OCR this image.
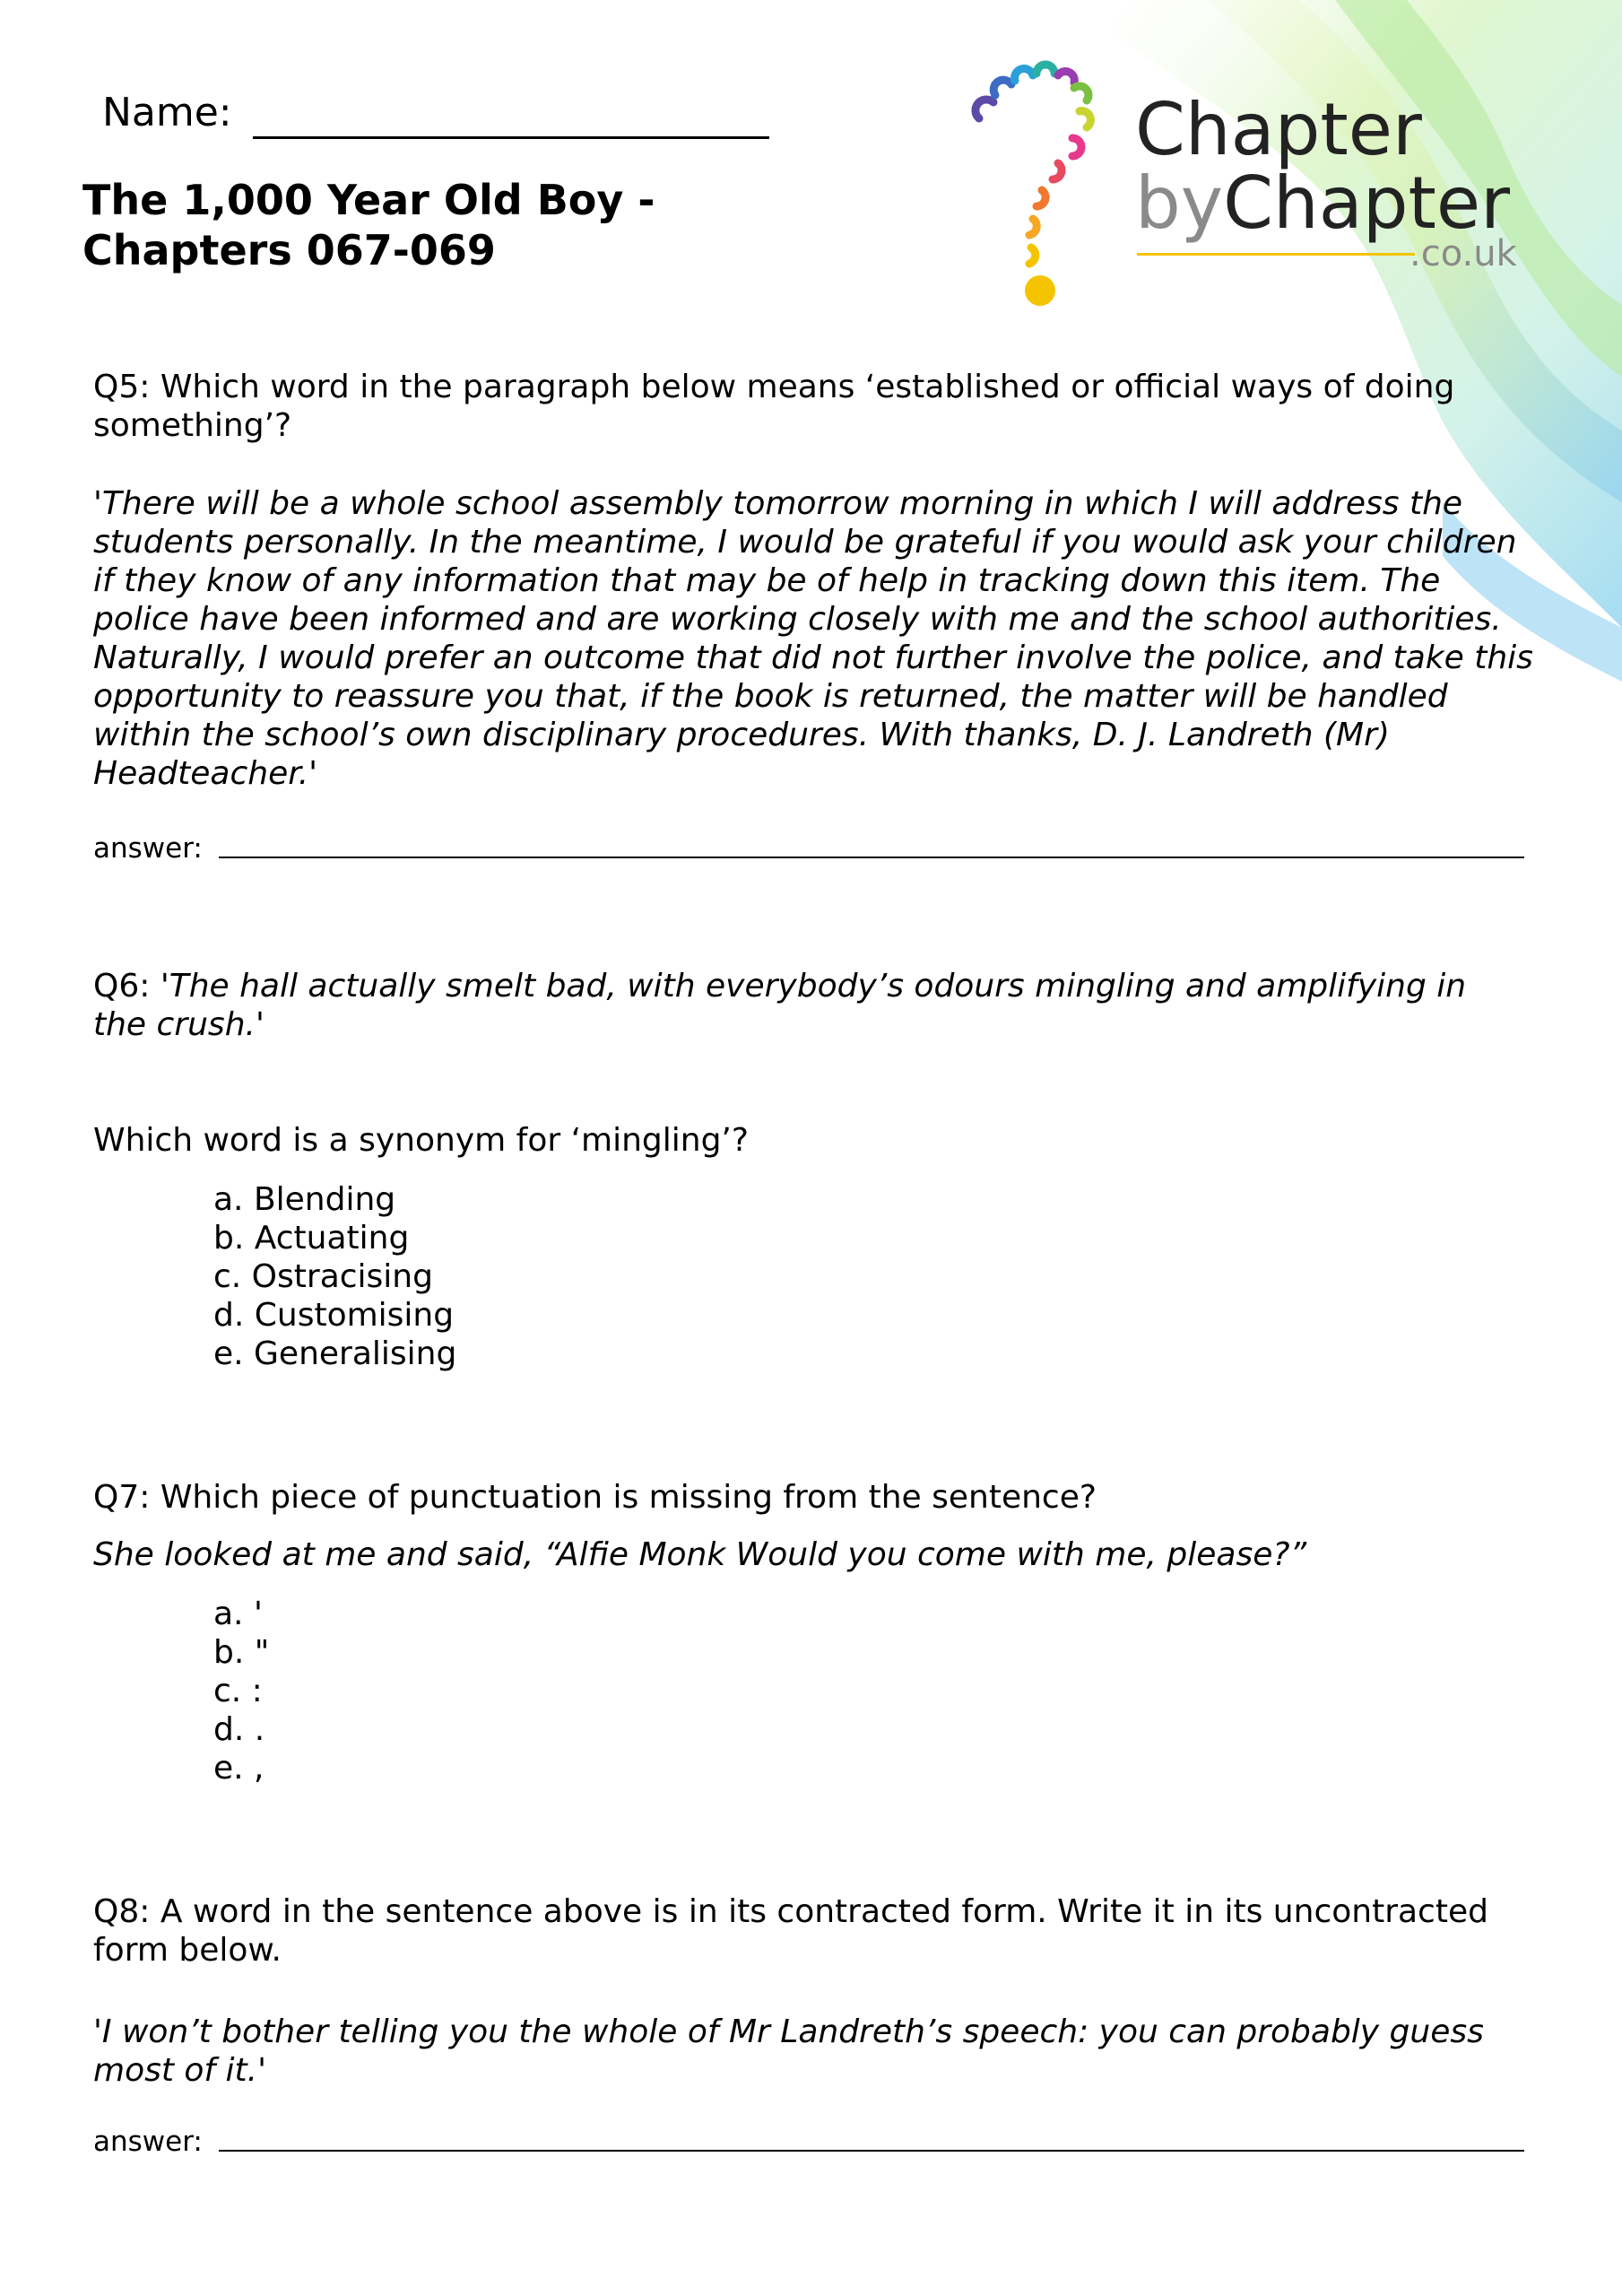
Name:
The 1,000 Year Old Boy -
Chapters 067-069
Chapter
byChapter
.co.uk
Q5: Which word in the paragraph below means ‘established or official ways of doing something’?
'There will be a whole school assembly tomorrow morning in which I will address the students personally. In the meantime, I would be grateful if you would ask your children if they know of any information that may be of help in tracking down this item. The police have been informed and are working closely with me and the school authorities. Naturally, I would prefer an outcome that did not further involve the police, and take this opportunity to reassure you that, if the book is returned, the matter will be handled within the school’s own disciplinary procedures. With thanks, D. J. Landreth (Mr) Headteacher.'
answer:
Q6: 'The hall actually smelt bad, with everybody’s odours mingling and amplifying in the crush.'
Which word is a synonym for ‘mingling’?
a. Blending
b. Actuating
c. Ostracising
d. Customising
e. Generalising
Q7: Which piece of punctuation is missing from the sentence?
She looked at me and said, “Alfie Monk Would you come with me, please?”
a. '
b. "
c. :
d. .
e. ,
Q8: A word in the sentence above is in its contracted form. Write it in its uncontracted form below.
'I won’t bother telling you the whole of Mr Landreth’s speech: you can probably guess most of it.'
answer:
